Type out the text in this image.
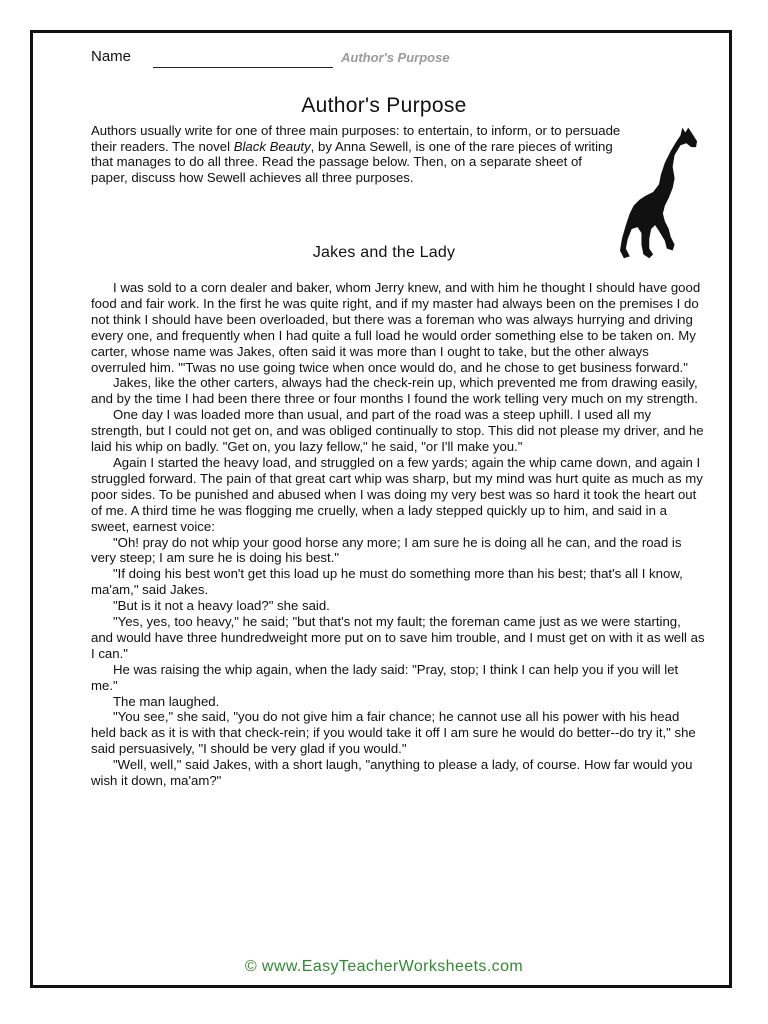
Name	Author's Purpose
Author's Purpose
Authors usually write for one of three main purposes: to entertain, to inform, or to persuade their readers. The novel Black Beauty, by Anna Sewell, is one of the rare pieces of writing that manages to do all three. Read the passage below. Then, on a separate sheet of paper, discuss how Sewell achieves all three purposes.
Jakes and the Lady

I was sold to a corn dealer and baker, whom Jerry knew, and with him he thought I should have good food and fair work. In the first he was quite right, and if my master had always been on the premises I do not think I should have been overloaded, but there was a foreman who was always hurrying and driving every one, and frequently when I had quite a full load he would order something else to be taken on. My carter, whose name was Jakes, often said it was more than I ought to take, but the other always overruled him. "'Twas no use going twice when once would do, and he chose to get business forward."

Jakes, like the other carters, always had the check-rein up, which prevented me from drawing easily, and by the time I had been there three or four months I found the work telling very much on my strength.

One day I was loaded more than usual, and part of the road was a steep uphill. I used all my strength, but I could not get on, and was obliged continually to stop. This did not please my driver, and he laid his whip on badly. "Get on, you lazy fellow," he said, "or I'll make you."

Again I started the heavy load, and struggled on a few yards; again the whip came down, and again I struggled forward. The pain of that great cart whip was sharp, but my mind was hurt quite as much as my poor sides. To be punished and abused when I was doing my very best was so hard it took the heart out of me. A third time he was flogging me cruelly, when a lady stepped quickly up to him, and said in a sweet, earnest voice:

"Oh! pray do not whip your good horse any more; I am sure he is doing all he can, and the road is very steep; I am sure he is doing his best."

"If doing his best won't get this load up he must do something more than his best; that's all I know, ma'am," said Jakes.

"But is it not a heavy load?" she said.

"Yes, yes, too heavy," he said; "but that's not my fault; the foreman came just as we were starting, and would have three hundredweight more put on to save him trouble, and I must get on with it as well as I can."

He was raising the whip again, when the lady said: "Pray, stop; I think I can help you if you will let me."

The man laughed.

"You see," she said, "you do not give him a fair chance; he cannot use all his power with his head held back as it is with that check-rein; if you would take it off I am sure he would do better--do try it," she said persuasively, "I should be very glad if you would."

"Well, well," said Jakes, with a short laugh, "anything to please a lady, of course. How far would you wish it down, ma'am?"

© www.EasyTeacherWorksheets.com
